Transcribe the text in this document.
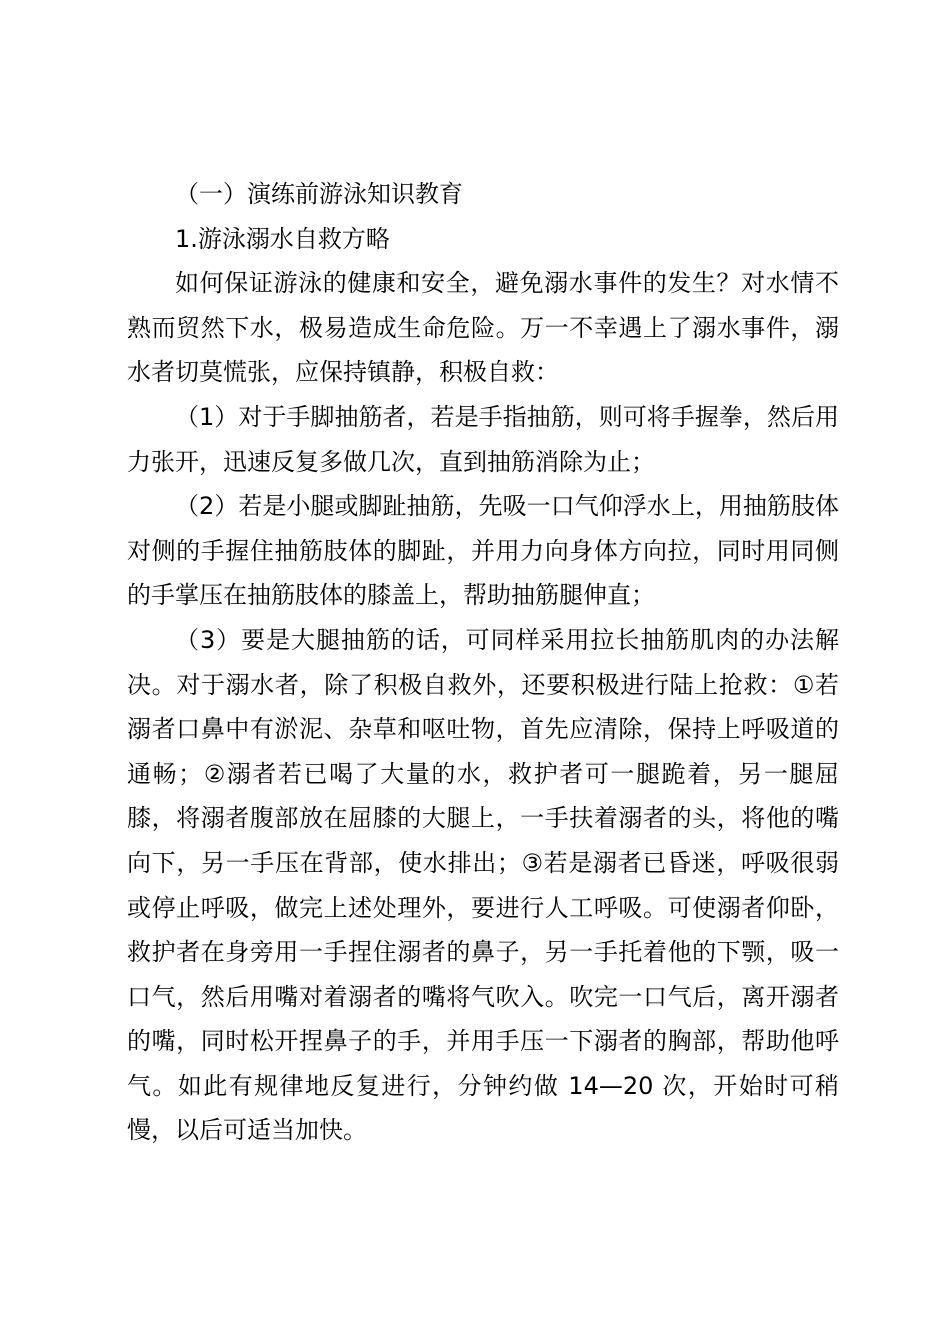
（一）演练前游泳知识教育

1.游泳溺水自救方略

如何保证游泳的健康和安全，避免溺水事件的发生？对水情不熟而贸然下水，极易造成生命危险。万一不幸遇上了溺水事件，溺水者切莫慌张，应保持镇静，积极自救：

（1）对于手脚抽筋者，若是手指抽筋，则可将手握拳，然后用力张开，迅速反复多做几次，直到抽筋消除为止；

（2）若是小腿或脚趾抽筋，先吸一口气仰浮水上，用抽筋肢体对侧的手握住抽筋肢体的脚趾，并用力向身体方向拉，同时用同侧的手掌压在抽筋肢体的膝盖上，帮助抽筋腿伸直；

（3）要是大腿抽筋的话，可同样采用拉长抽筋肌肉的办法解决。对于溺水者，除了积极自救外，还要积极进行陆上抢救：①若溺者口鼻中有淤泥、杂草和呕吐物，首先应清除，保持上呼吸道的通畅；②溺者若已喝了大量的水，救护者可一腿跪着，另一腿屈膝，将溺者腹部放在屈膝的大腿上，一手扶着溺者的头，将他的嘴向下，另一手压在背部，使水排出；③若是溺者已昏迷，呼吸很弱或停止呼吸，做完上述处理外，要进行人工呼吸。可使溺者仰卧，救护者在身旁用一手捏住溺者的鼻子，另一手托着他的下颚，吸一口气，然后用嘴对着溺者的嘴将气吹入。吹完一口气后，离开溺者的嘴，同时松开捏鼻子的手，并用手压一下溺者的胸部，帮助他呼气。如此有规律地反复进行，分钟约做 14—20 次，开始时可稍慢，以后可适当加快。
